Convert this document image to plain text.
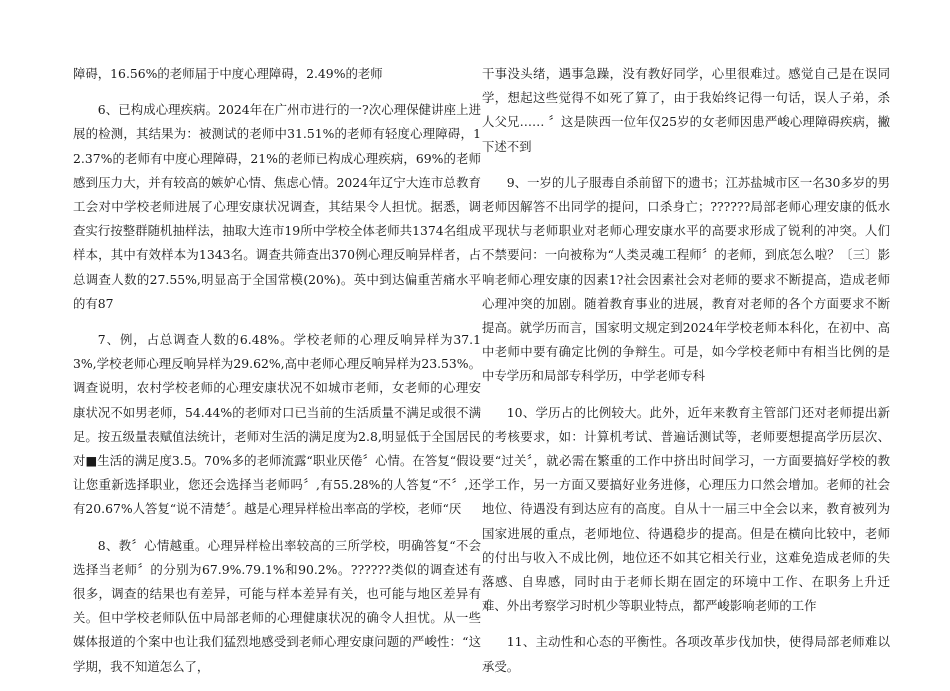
障碍，16.56%的老师届于中度心理障碍，2.49%的老师

6、已构成心理疾病。2024年在广州市进行的一?次心理保健讲座上进展的检测，其结果为：被测试的老师中31.51%的老师有轻度心理障碍，12.37%的老师有中度心理障碍，21%的老师已构成心理疾病，69%的老师感到压力大，并有较高的嫉妒心情、焦虑心情。2024年辽宁大连市总教育工会对中学校老师进展了心理安康状况调查，其结果令人担忧。据悉，调查实行按整群随机抽样法，抽取大连市19所中学校全体老师共1374名组成样本，其中有效样本为1343名。调查共筛查出370例心理反响异样者，占总调查人数的27.55%,明显高于全国常模(20%)。英中到达偏重苦痛水平的有87

7、例，占总调查人数的6.48%。学校老师的心理反响异样为37.13%,学校老师心理反响异样为29.62%,高中老师心理反响异样为23.53%。调查说明，农村学校老师的心理安康状况不如城市老师，女老师的心理安康状况不如男老师，54.44%的老师对口已当前的生活质量不满足或很不满足。按五级量表赋值法统计，老师对生活的满足度为2.8,明显低于全国居民对■生活的满足度3.5。70%多的老师流露“职业厌倦〞心情。在答复“假设让您重新选择职业，您还会选择当老师吗〞,有55.28%的人答复“不〞,还有20.67%人答复“说不清楚〞。越是心理异样检出率高的学校，老师“厌

8、教〞心情越重。心理异样检出率较高的三所学校，明确答复“不会选择当老师〞的分别为67.9%.79.1%和90.2%。??????类似的调查述有很多，调查的结果也有差异，可能与样本差异有关，也可能与地区差异有关。但中学校老师队伍中局部老师的心理健康状况的确令人担忧。从一些媒体报道的个案中也让我们猛烈地感受到老师心理安康问题的严峻性：“这学期，我不知道怎么了，

干事没头绪，遇事急躁，没有教好同学，心里很难过。感觉自己是在误同学，想起这些觉得不如死了算了，由于我始终记得一句话，误人子弟，杀人父兄…… 〞这是陕西一位年仅25岁的女老师因患严峻心理障碍疾病，撇下述不到

9、一岁的儿子服毒自杀前留下的遗书；江苏盐城市区一名30多岁的男老师因解答不出同学的提问，口杀身亡；??????局部老师心理安康的低水平现状与老师职业对老师心理安康水平的高要求形成了锐利的冲突。人们不禁要问：一向被称为“人类灵魂工程师〞的老师，到底怎么啦？〔三〕影响老师心理安康的因素1?社会因素社会对老师的要求不断提高，造成老师心理冲突的加剧。随着教育事业的进展，教育对老师的各个方面要求不断提高。就学历而言，国家明文规定到2024年学校老师本科化，在初中、高中老师中要有确定比例的争辩生。可是，如今学校老师中有相当比例的是中专学历和局部专科学历，中学老师专科

10、学历占的比例较大。此外，近年来教育主管部门还对老师提出新的考核要求，如：计算机考试、普遍话测试等，老师要想提高学历层次、要“过关〞，就必需在繁重的工作中挤出时间学习，一方面要搞好学校的教学工作，另一方面又要搞好业务进修，心理压力口然会增加。老师的社会地位、待遇没有到达应有的高度。自从十一届三中全会以来，教育被列为国家进展的重点，老师地位、待遇稳步的提高。但是在横向比较中，老师的付出与收入不成比例，地位还不如其它相关行业，这难免造成老师的失落感、自卑感，同时由于老师长期在固定的环境中工作、在职务上升迁难、外出考察学习时机少等职业特点，都严峻影响老师的工作

11、主动性和心态的平衡性。各项改革步伐加快，使得局部老师难以承受。
